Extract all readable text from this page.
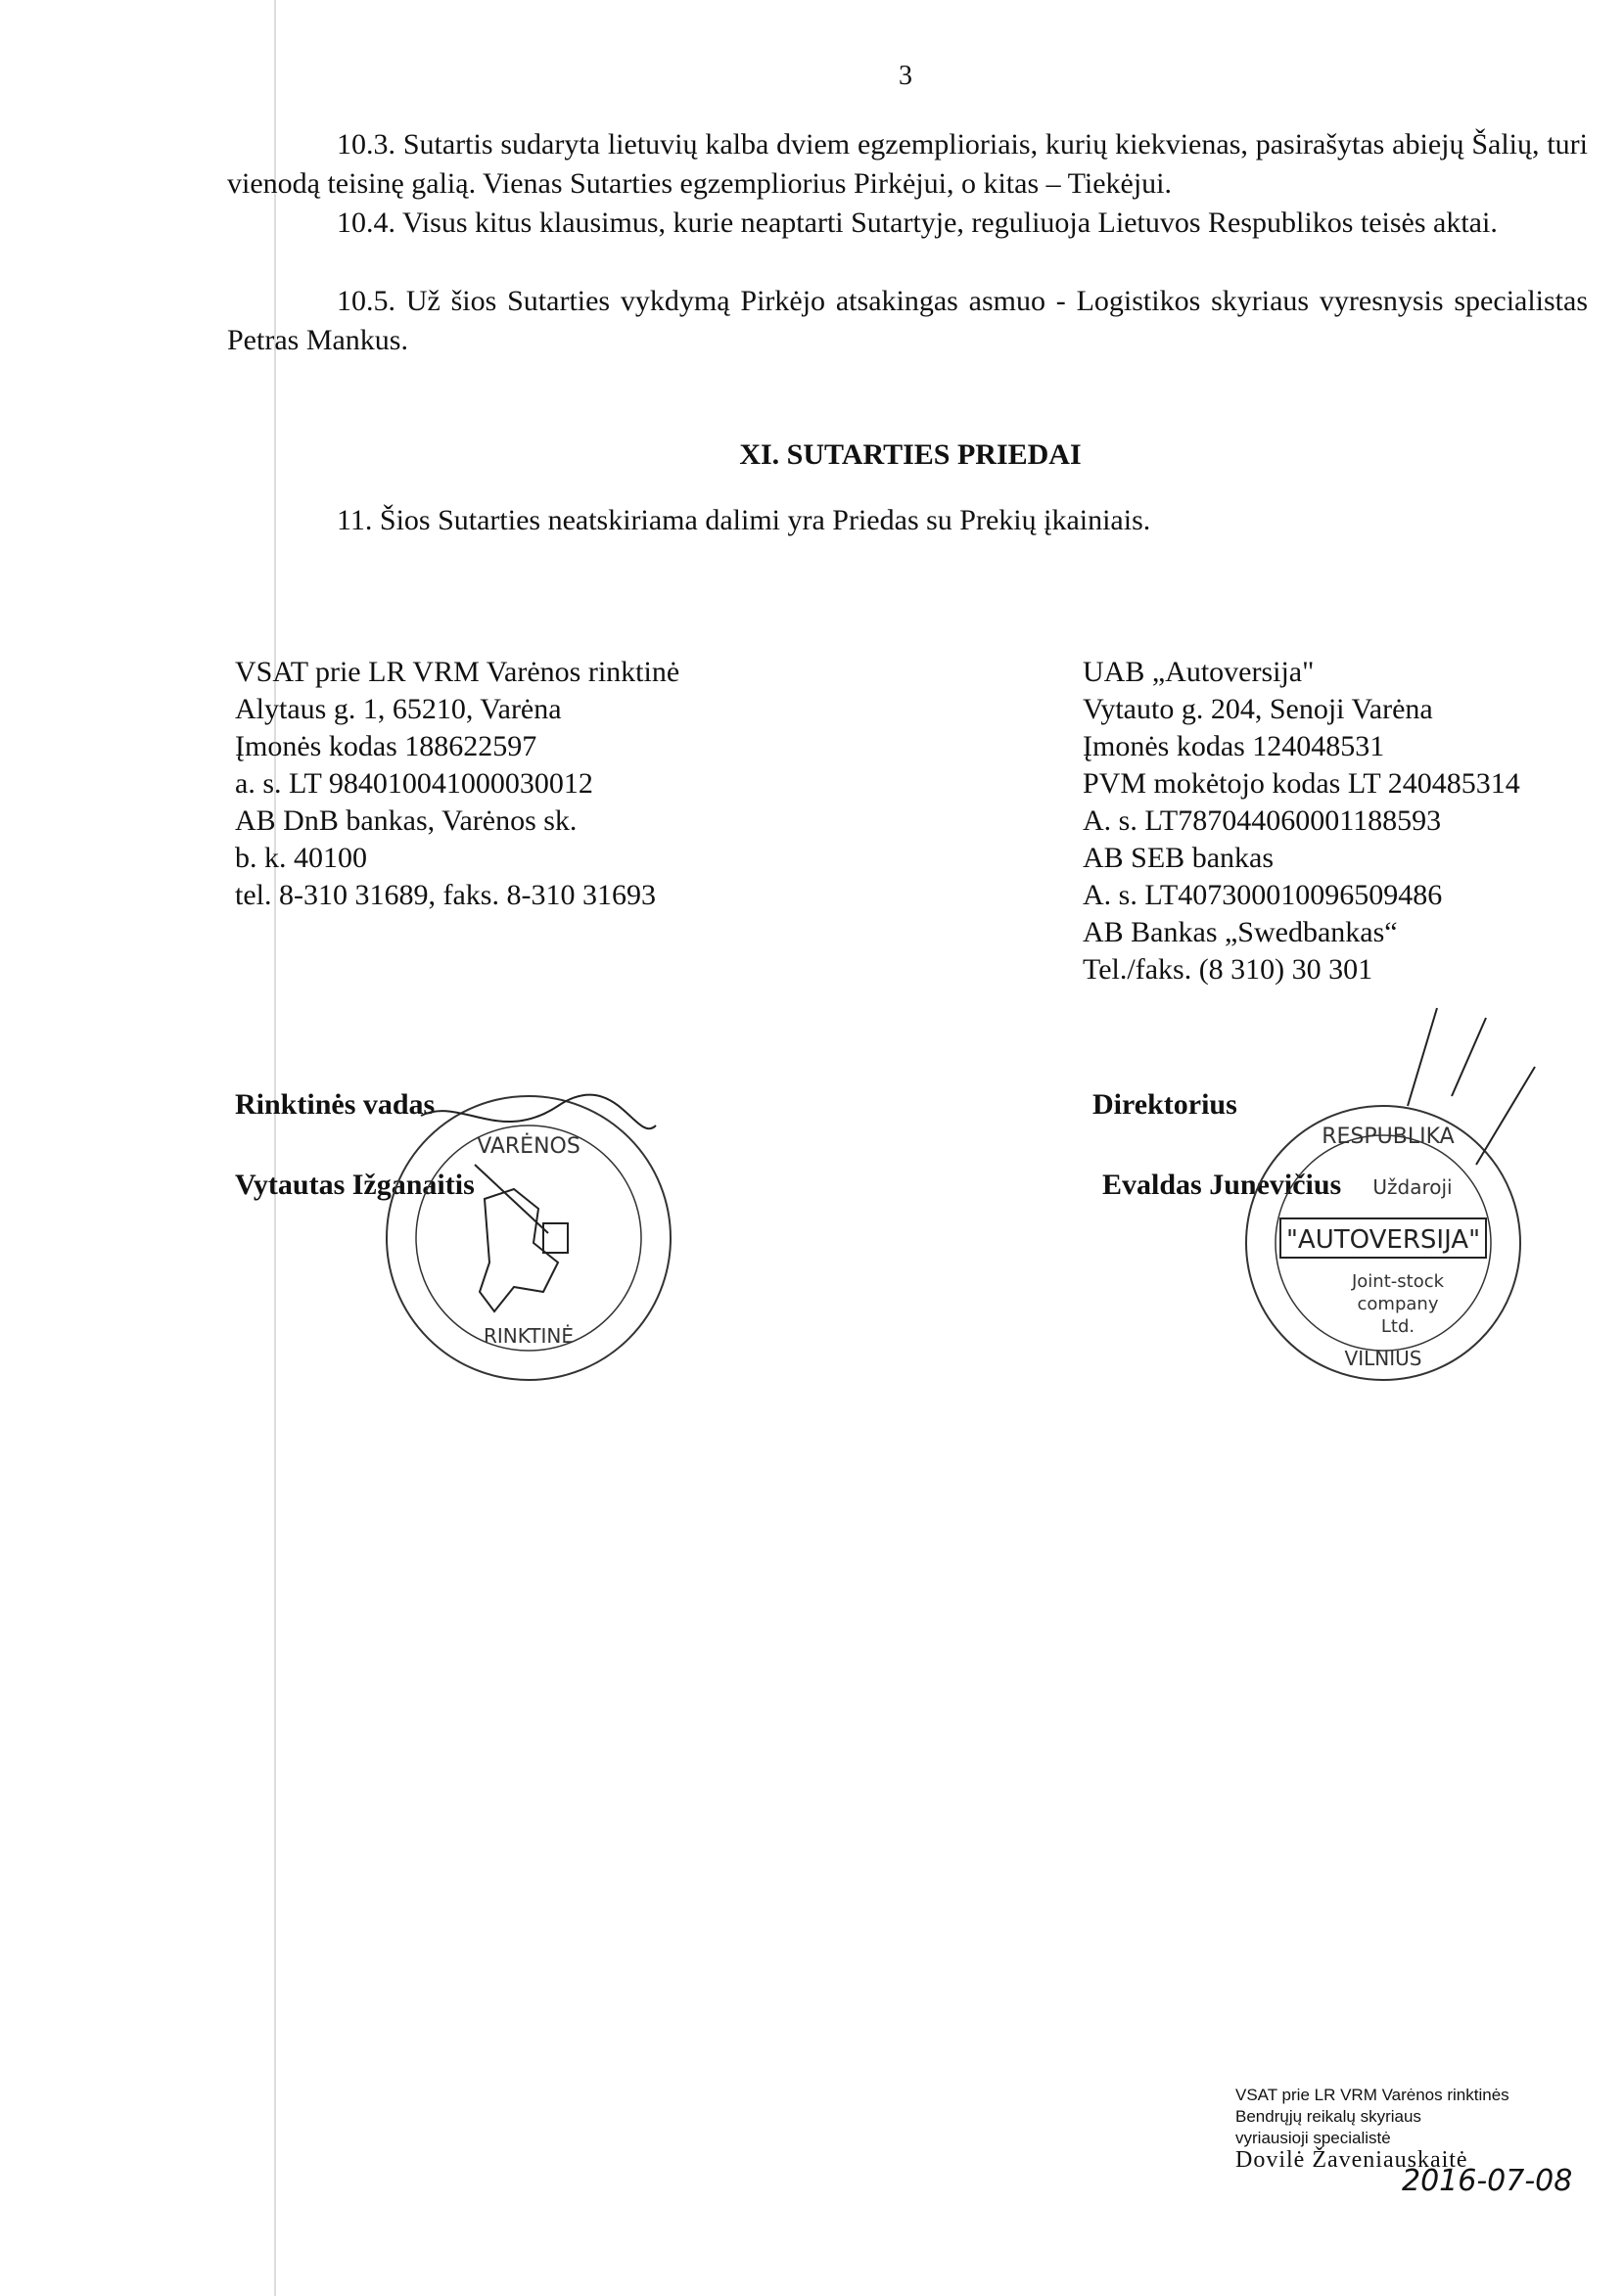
3
10.3. Sutartis sudaryta lietuvių kalba dviem egzemplioriais, kurių kiekvienas, pasirašytas abiejų Šalių, turi vienodą teisinę galią. Vienas Sutarties egzempliorius Pirkėjui, o kitas – Tiekėjui.
10.4. Visus kitus klausimus, kurie neaptarti Sutartyje, reguliuoja Lietuvos Respublikos teisės aktai.
10.5. Už šios Sutarties vykdymą Pirkėjo atsakingas asmuo - Logistikos skyriaus vyresnysis specialistas Petras Mankus.
XI. SUTARTIES PRIEDAI
11. Šios Sutarties neatskiriama dalimi yra Priedas su Prekių įkainiais.
VSAT prie LR VRM Varėnos rinktinė
Alytaus g. 1, 65210, Varėna
Įmonės kodas 188622597
a. s. LT 984010041000030012
AB DnB bankas, Varėnos sk.
b. k. 40100
tel. 8-310 31689, faks. 8-310 31693
UAB „Autoversija"
Vytauto g. 204, Senoji Varėna
Įmonės kodas 124048531
PVM mokėtojo kodas LT 240485314
A. s. LT787044060001188593
AB SEB bankas
A. s. LT407300010096509486
AB Bankas „Swedbankas“
Tel./faks. (8 310) 30 301
Rinktinės vadas
Vytautas Ižganaitis
Direktorius
Evaldas Junevičius
VARĖNOS
RINKTINĖ
RESPUBLIKA
Uždaroji
"AUTOVERSIJA"
Joint-stock
company
Ltd.
VILNIUS
VSAT prie LR VRM Varėnos rinktinės
Bendrųjų reikalų skyriaus
vyriausioji specialistė
Dovilė Žaveniauskaitė
2016-07-08
